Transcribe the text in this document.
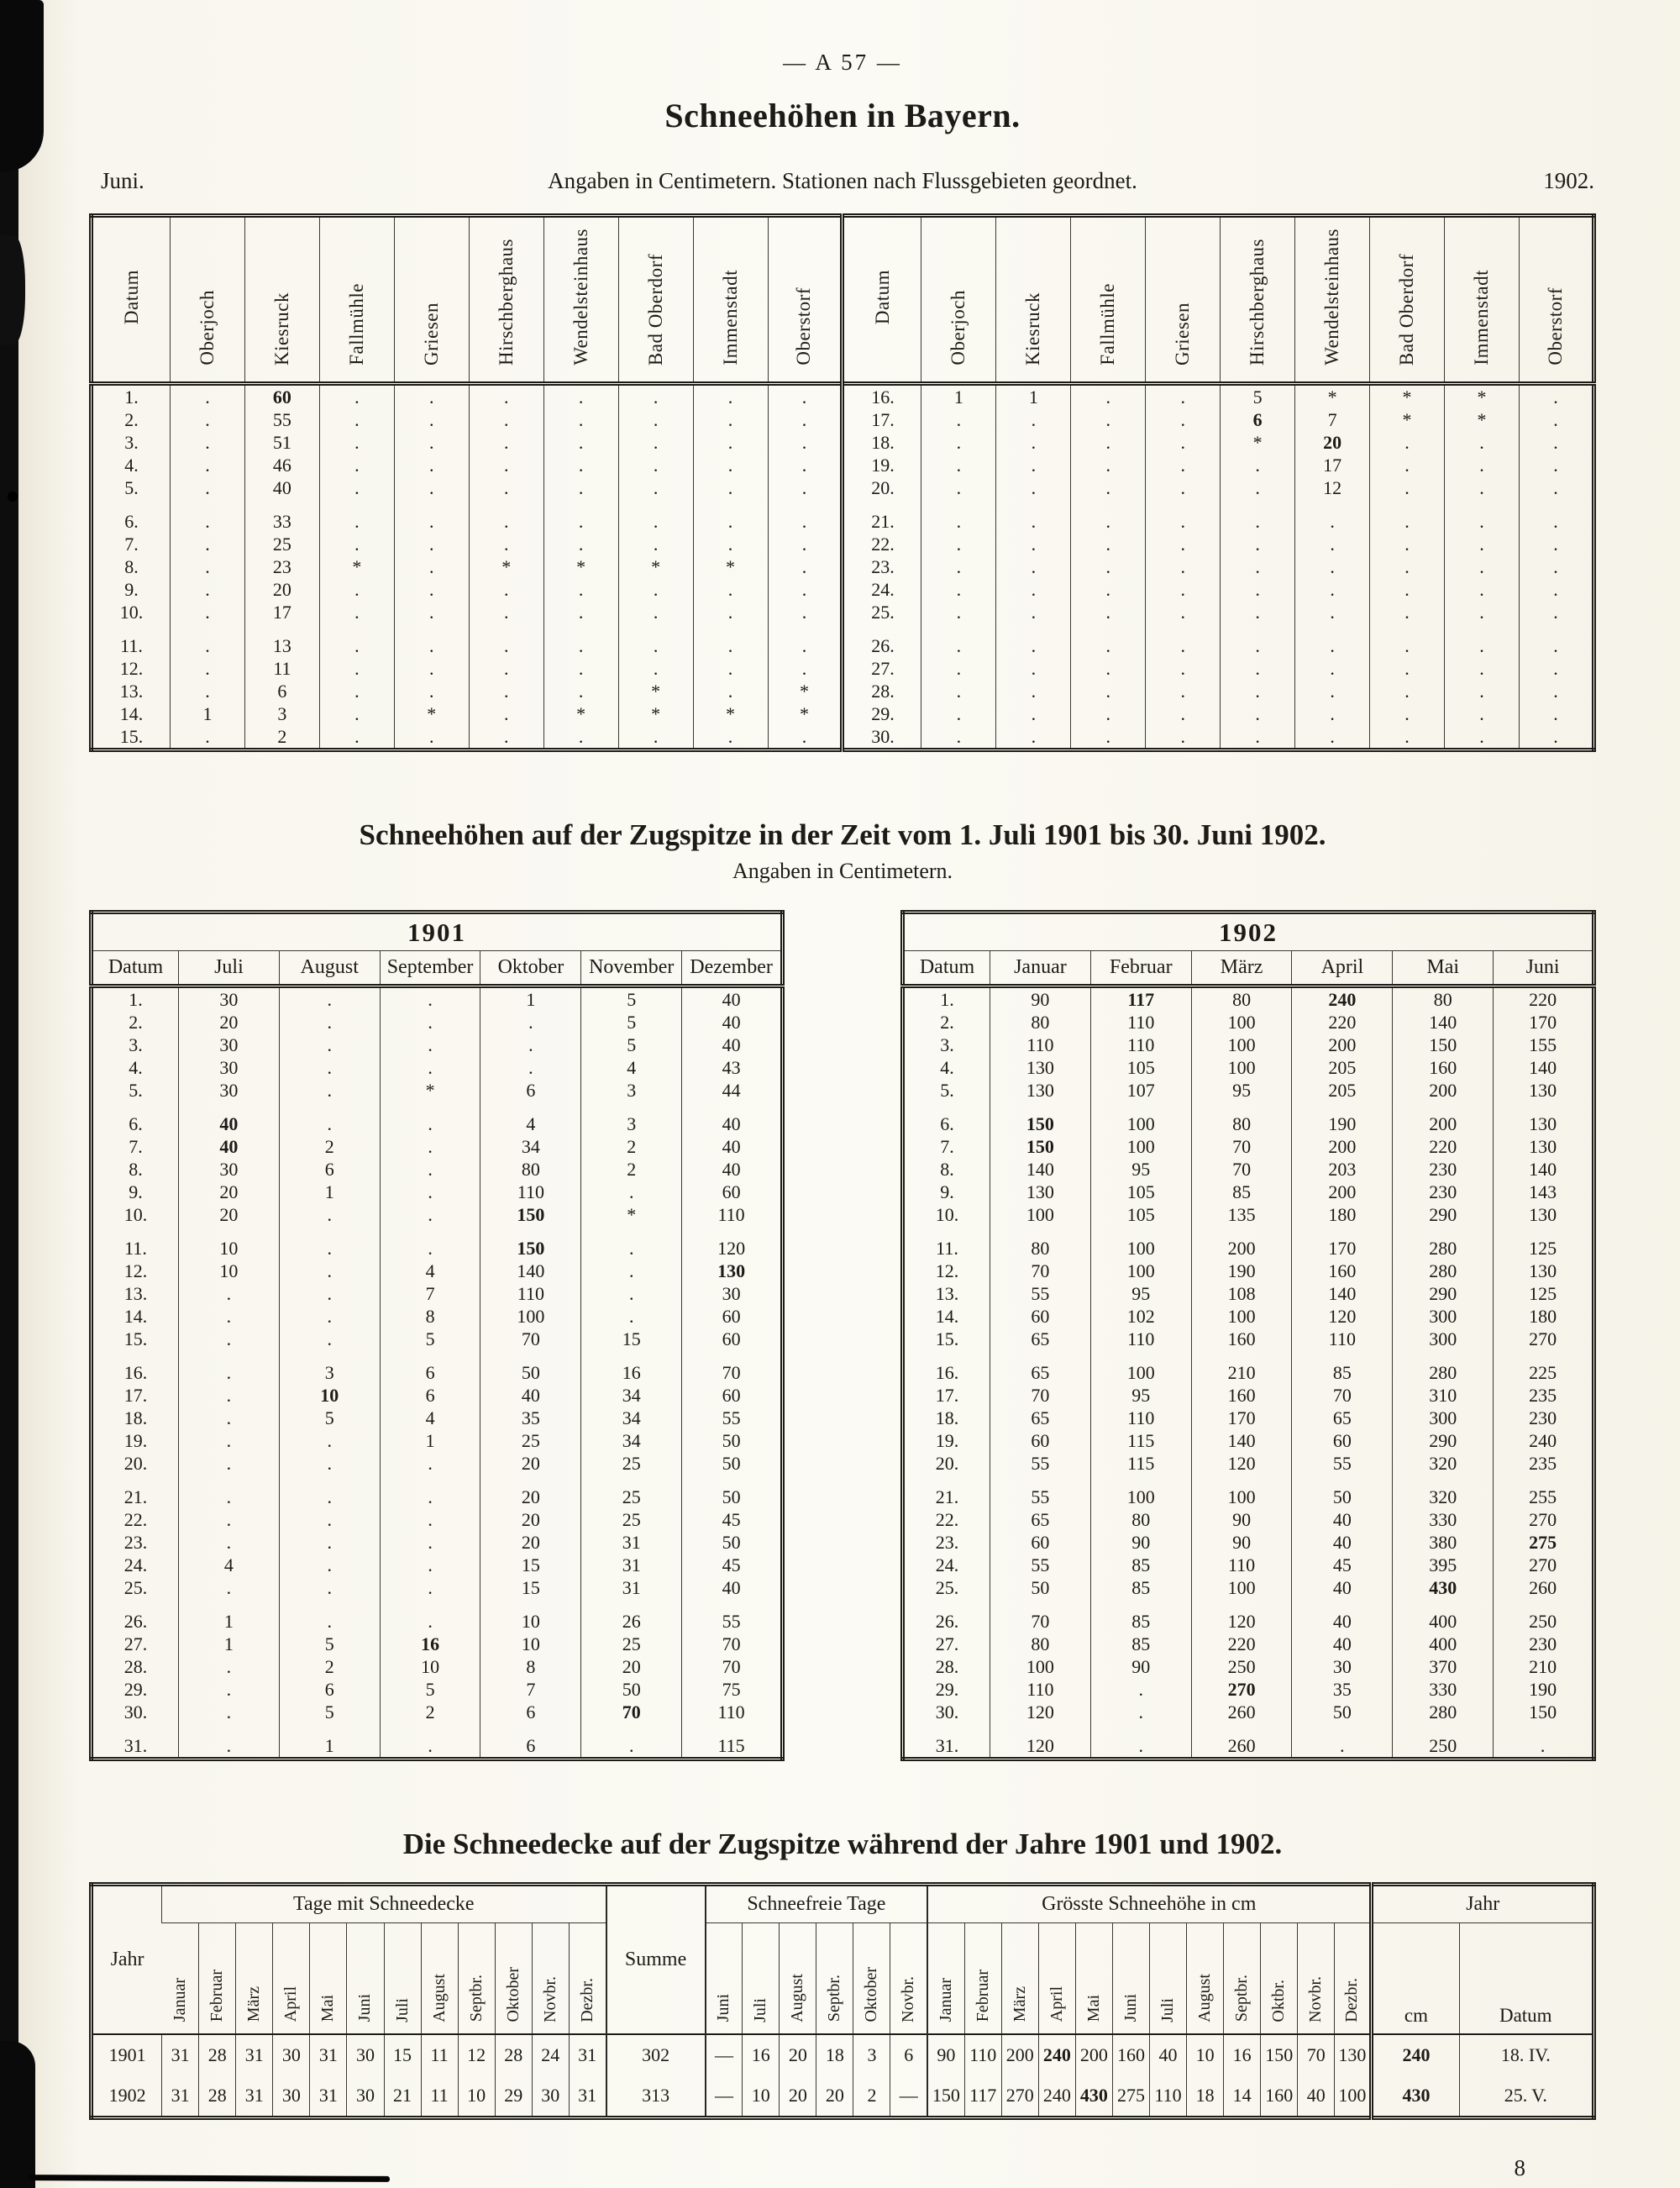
— A 57 —
Schneehöhen in Bayern.
Juni.	Angaben in Centimetern. Stationen nach Flussgebieten geordnet.	1902.
Datum	Oberjoch	Kiesruck	Fallmühle	Griesen	Hirschberghaus	Wendelsteinhaus	Bad Oberdorf	Immenstadt	Oberstorf	Datum	Oberjoch	Kiesruck	Fallmühle	Griesen	Hirschberghaus	Wendelsteinhaus	Bad Oberdorf	Immenstadt	Oberstorf
1.	.	60	.	.	.	.	.	.	.	16.	1	1	.	.	5	*	*	*	.
2.	.	55	.	.	.	.	.	.	.	17.	.	.	.	.	6	7	*	*	.
3.	.	51	.	.	.	.	.	.	.	18.	.	.	.	.	*	20	.	.	.
4.	.	46	.	.	.	.	.	.	.	19.	.	.	.	.	.	17	.	.	.
5.	.	40	.	.	.	.	.	.	.	20.	.	.	.	.	.	12	.	.	.
6.	.	33	.	.	.	.	.	.	.	21.	.	.	.	.	.	.	.	.	.
7.	.	25	.	.	.	.	.	.	.	22.	.	.	.	.	.	.	.	.	.
8.	.	23	*	.	*	*	*	*	.	23.	.	.	.	.	.	.	.	.	.
9.	.	20	.	.	.	.	.	.	.	24.	.	.	.	.	.	.	.	.	.
10.	.	17	.	.	.	.	.	.	.	25.	.	.	.	.	.	.	.	.	.
11.	.	13	.	.	.	.	.	.	.	26.	.	.	.	.	.	.	.	.	.
12.	.	11	.	.	.	.	.	.	.	27.	.	.	.	.	.	.	.	.	.
13.	.	6	.	.	.	.	*	.	*	28.	.	.	.	.	.	.	.	.	.
14.	1	3	.	*	.	*	*	*	*	29.	.	.	.	.	.	.	.	.	.
15.	.	2	.	.	.	.	.	.	.	30.	.	.	.	.	.	.	.	.	.
Schneehöhen auf der Zugspitze in der Zeit vom 1. Juli 1901 bis 30. Juni 1902.
Angaben in Centimetern.
1901						
Datum	Juli	August	September	Oktober	November	Dezember
1.	30	.	.	1	5	40
2.	20	.	.	.	5	40
3.	30	.	.	.	5	40
4.	30	.	.	.	4	43
5.	30	.	*	6	3	44
6.	40	.	.	4	3	40
7.	40	2	.	34	2	40
8.	30	6	.	80	2	40
9.	20	1	.	110	.	60
10.	20	.	.	150	*	110
11.	10	.	.	150	.	120
12.	10	.	4	140	.	130
13.	.	.	7	110	.	30
14.	.	.	8	100	.	60
15.	.	.	5	70	15	60
16.	.	3	6	50	16	70
17.	.	10	6	40	34	60
18.	.	5	4	35	34	55
19.	.	.	1	25	34	50
20.	.	.	.	20	25	50
21.	.	.	.	20	25	50
22.	.	.	.	20	25	45
23.	.	.	.	20	31	50
24.	4	.	.	15	31	45
25.	.	.	.	15	31	40
26.	1	.	.	10	26	55
27.	1	5	16	10	25	70
28.	.	2	10	8	20	70
29.	.	6	5	7	50	75
30.	.	5	2	6	70	110
31.	.	1	.	6	.	115
1902						
Datum	Januar	Februar	März	April	Mai	Juni
1.	90	117	80	240	80	220
2.	80	110	100	220	140	170
3.	110	110	100	200	150	155
4.	130	105	100	205	160	140
5.	130	107	95	205	200	130
6.	150	100	80	190	200	130
7.	150	100	70	200	220	130
8.	140	95	70	203	230	140
9.	130	105	85	200	230	143
10.	100	105	135	180	290	130
11.	80	100	200	170	280	125
12.	70	100	190	160	280	130
13.	55	95	108	140	290	125
14.	60	102	100	120	300	180
15.	65	110	160	110	300	270
16.	65	100	210	85	280	225
17.	70	95	160	70	310	235
18.	65	110	170	65	300	230
19.	60	115	140	60	290	240
20.	55	115	120	55	320	235
21.	55	100	100	50	320	255
22.	65	80	90	40	330	270
23.	60	90	90	40	380	275
24.	55	85	110	45	395	270
25.	50	85	100	40	430	260
26.	70	85	120	40	400	250
27.	80	85	220	40	400	230
28.	100	90	250	30	370	210
29.	110	.	270	35	330	190
30.	120	.	260	50	280	150
31.	120	.	260	.	250	.
Die Schneedecke auf der Zugspitze während der Jahre 1901 und 1902.
Jahr	Tage mit Schneedecke												Summe	Schneefreie Tage						Grösste Schneehöhe in cm												Jahr	
	Januar	Februar	März	April	Mai	Juni	Juli	August	Septbr.	Oktober	Novbr.	Dezbr.		Juni	Juli	August	Septbr.	Oktober	Novbr.	Januar	Februar	März	April	Mai	Juni	Juli	August	Septbr.	Oktbr.	Novbr.	Dezbr.	cm	Datum
1901	31	28	31	30	31	30	15	11	12	28	24	31	302	—	16	20	18	3	6	90	110	200	240	200	160	40	10	16	150	70	130	240	18. IV.
1902	31	28	31	30	31	30	21	11	10	29	30	31	313	—	10	20	20	2	—	150	117	270	240	430	275	110	18	14	160	40	100	430	25. V.
8
